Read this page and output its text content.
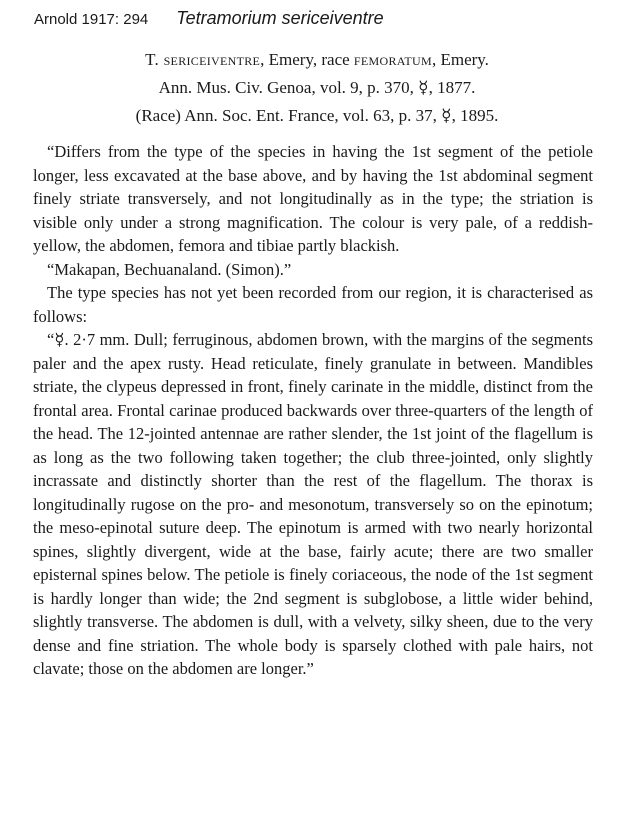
Arnold 1917: 294 Tetramorium sericeiventre
T. sericeiventre, Emery, race femoratum, Emery.
Ann. Mus. Civ. Genoa, vol. 9, p. 370, ☿, 1877.
(Race) Ann. Soc. Ent. France, vol. 63, p. 37, ☿, 1895.

“Differs from the type of the species in having the 1st segment of the petiole longer, less excavated at the base above, and by having the 1st abdominal segment finely striate transversely, and not longitudinally as in the type; the striation is visible only under a strong magnification. The colour is very pale, of a reddish-yellow, the abdomen, femora and tibiae partly blackish.

“Makapan, Bechuanaland. (Simon).”

The type species has not yet been recorded from our region, it is characterised as follows:

“☿. 2·7 mm. Dull; ferruginous, abdomen brown, with the margins of the segments paler and the apex rusty. Head reticulate, finely granulate in between. Mandibles striate, the clypeus depressed in front, finely carinate in the middle, distinct from the frontal area. Frontal carinae produced backwards over three-quarters of the length of the head. The 12-jointed antennae are rather slender, the 1st joint of the flagellum is as long as the two following taken together; the club three-jointed, only slightly incrassate and distinctly shorter than the rest of the flagellum. The thorax is longitudinally rugose on the pro- and mesonotum, transversely so on the epinotum; the meso-epinotal suture deep. The epinotum is armed with two nearly horizontal spines, slightly divergent, wide at the base, fairly acute; there are two smaller episternal spines below. The petiole is finely coriaceous, the node of the 1st segment is hardly longer than wide; the 2nd segment is subglobose, a little wider behind, slightly transverse. The abdomen is dull, with a velvety, silky sheen, due to the very dense and fine striation. The whole body is sparsely clothed with pale hairs, not clavate; those on the abdomen are longer.”
